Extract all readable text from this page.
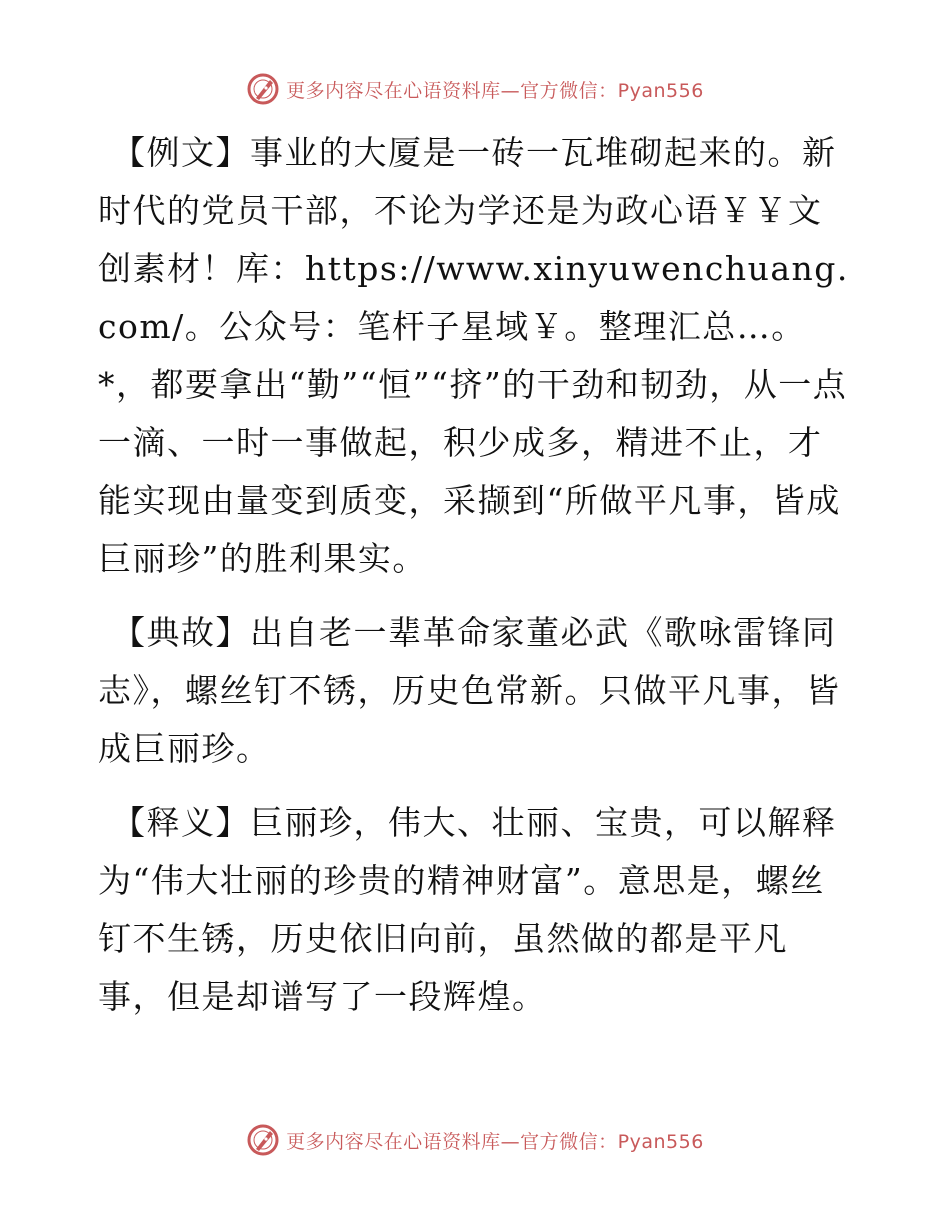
更多内容尽在心语资料库—官方微信：Pyan556

【例文】事业的大厦是一砖一瓦堆砌起来的。新时代的党员干部，不论为学还是为政心语￥￥文创素材！库：https://www.xinyuwenchuang.com/。公众号：笔杆子星域￥。整理汇总…。*，都要拿出“勤”“恒”“挤”的干劲和韧劲，从一点一滴、一时一事做起，积少成多，精进不止，才能实现由量变到质变，采撷到“所做平凡事，皆成巨丽珍”的胜利果实。

【典故】出自老一辈革命家董必武《歌咏雷锋同志》，螺丝钉不锈，历史色常新。只做平凡事，皆成巨丽珍。

【释义】巨丽珍，伟大、壮丽、宝贵，可以解释为“伟大壮丽的珍贵的精神财富”。意思是，螺丝钉不生锈，历史依旧向前，虽然做的都是平凡事，但是却谱写了一段辉煌。

更多内容尽在心语资料库—官方微信：Pyan556
